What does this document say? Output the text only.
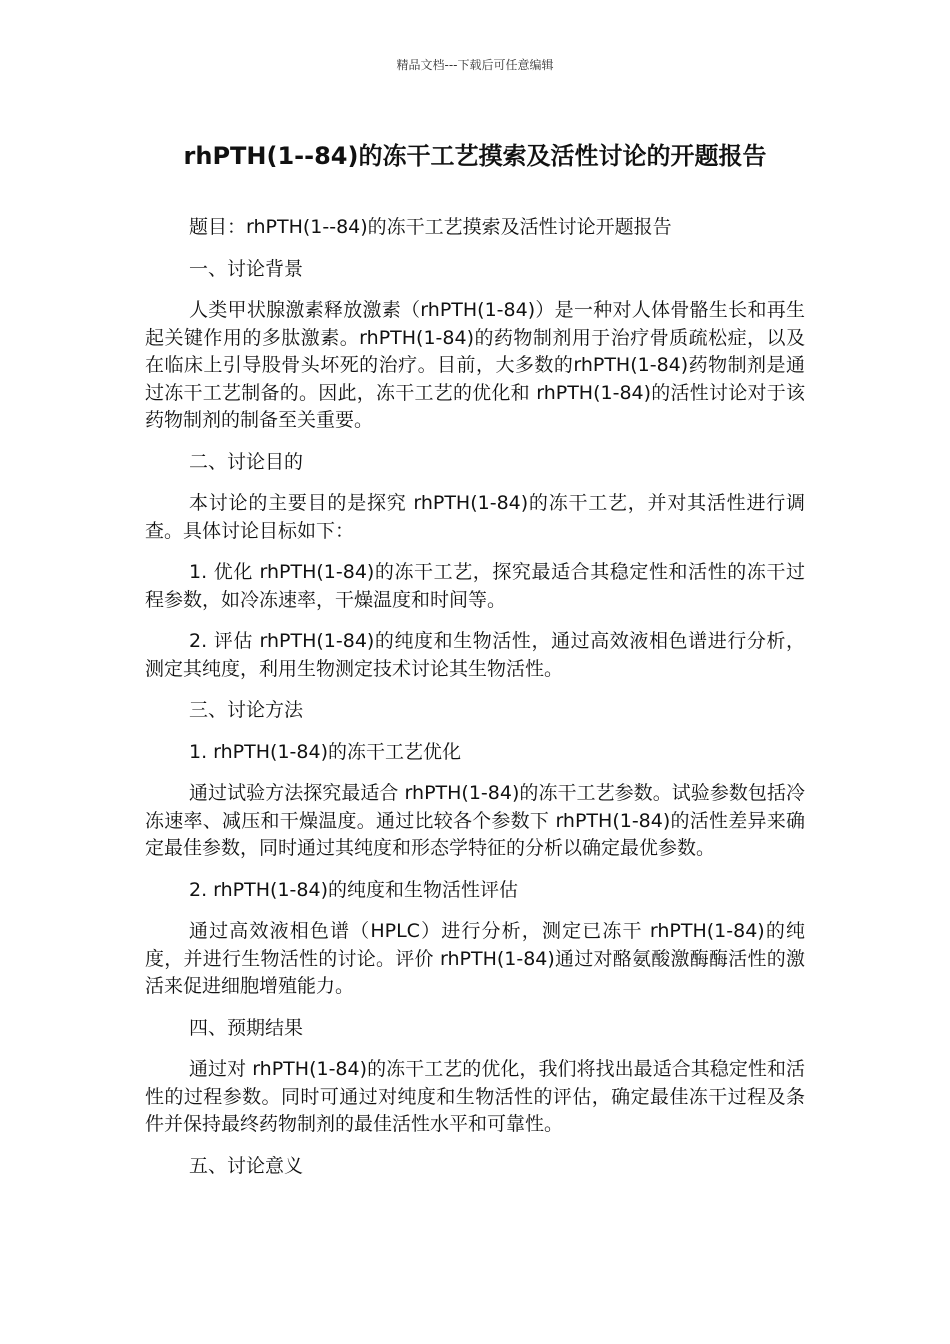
精品文档---下载后可任意编辑
rhPTH(1--84)的冻干工艺摸索及活性讨论的开题报告

题目：rhPTH(1--84)的冻干工艺摸索及活性讨论开题报告

一、讨论背景

人类甲状腺激素释放激素（rhPTH(1-84)）是一种对人体骨骼生长和再生起关键作用的多肽激素。rhPTH(1-84)的药物制剂用于治疗骨质疏松症，以及在临床上引导股骨头坏死的治疗。目前，大多数的rhPTH(1-84)药物制剂是通过冻干工艺制备的。因此，冻干工艺的优化和 rhPTH(1-84)的活性讨论对于该药物制剂的制备至关重要。

二、讨论目的

本讨论的主要目的是探究 rhPTH(1-84)的冻干工艺，并对其活性进行调查。具体讨论目标如下：

1. 优化 rhPTH(1-84)的冻干工艺，探究最适合其稳定性和活性的冻干过程参数，如冷冻速率，干燥温度和时间等。

2. 评估 rhPTH(1-84)的纯度和生物活性，通过高效液相色谱进行分析，测定其纯度，利用生物测定技术讨论其生物活性。

三、讨论方法

1. rhPTH(1-84)的冻干工艺优化

通过试验方法探究最适合 rhPTH(1-84)的冻干工艺参数。试验参数包括冷冻速率、减压和干燥温度。通过比较各个参数下 rhPTH(1-84)的活性差异来确定最佳参数，同时通过其纯度和形态学特征的分析以确定最优参数。

2. rhPTH(1-84)的纯度和生物活性评估

通过高效液相色谱（HPLC）进行分析，测定已冻干 rhPTH(1-84)的纯度，并进行生物活性的讨论。评价 rhPTH(1-84)通过对酪氨酸激酶酶活性的激活来促进细胞增殖能力。

四、预期结果

通过对 rhPTH(1-84)的冻干工艺的优化，我们将找出最适合其稳定性和活性的过程参数。同时可通过对纯度和生物活性的评估，确定最佳冻干过程及条件并保持最终药物制剂的最佳活性水平和可靠性。

五、讨论意义
